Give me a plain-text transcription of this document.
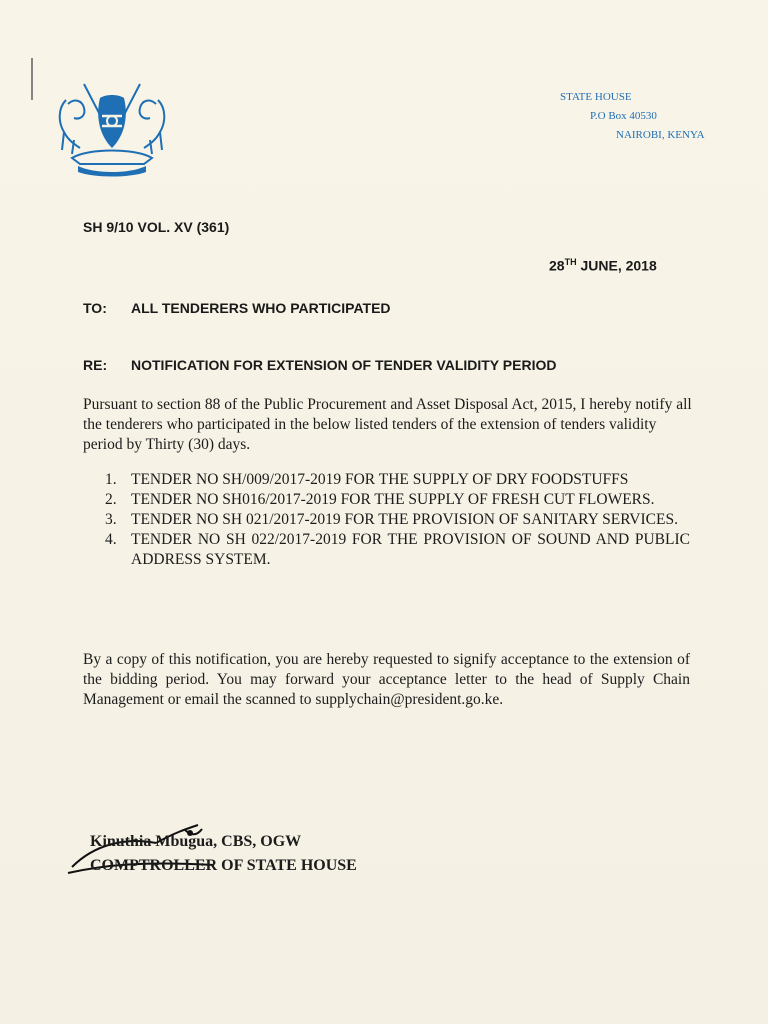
STATE HOUSE
P.O Box 40530
NAIROBI, KENYA
SH 9/10 VOL. XV (361)
28TH JUNE, 2018
TO: ALL TENDERERS WHO PARTICIPATED
RE: NOTIFICATION FOR EXTENSION OF TENDER VALIDITY PERIOD
Pursuant to section 88 of the Public Procurement and Asset Disposal Act, 2015, I hereby notify all the tenderers who participated in the below listed tenders of the extension of tenders validity period by Thirty (30) days.
1. TENDER NO SH/009/2017-2019 FOR THE SUPPLY OF DRY FOODSTUFFS
2. TENDER NO SH016/2017-2019 FOR THE SUPPLY OF FRESH CUT FLOWERS.
3. TENDER NO SH 021/2017-2019 FOR THE PROVISION OF SANITARY SERVICES.
4. TENDER NO SH 022/2017-2019 FOR THE PROVISION OF SOUND AND PUBLIC ADDRESS SYSTEM.
By a copy of this notification, you are hereby requested to signify acceptance to the extension of the bidding period. You may forward your acceptance letter to the head of Supply Chain Management or email the scanned to supplychain@president.go.ke.
Kinuthia Mbugua, CBS, OGW
COMPTROLLER OF STATE HOUSE
